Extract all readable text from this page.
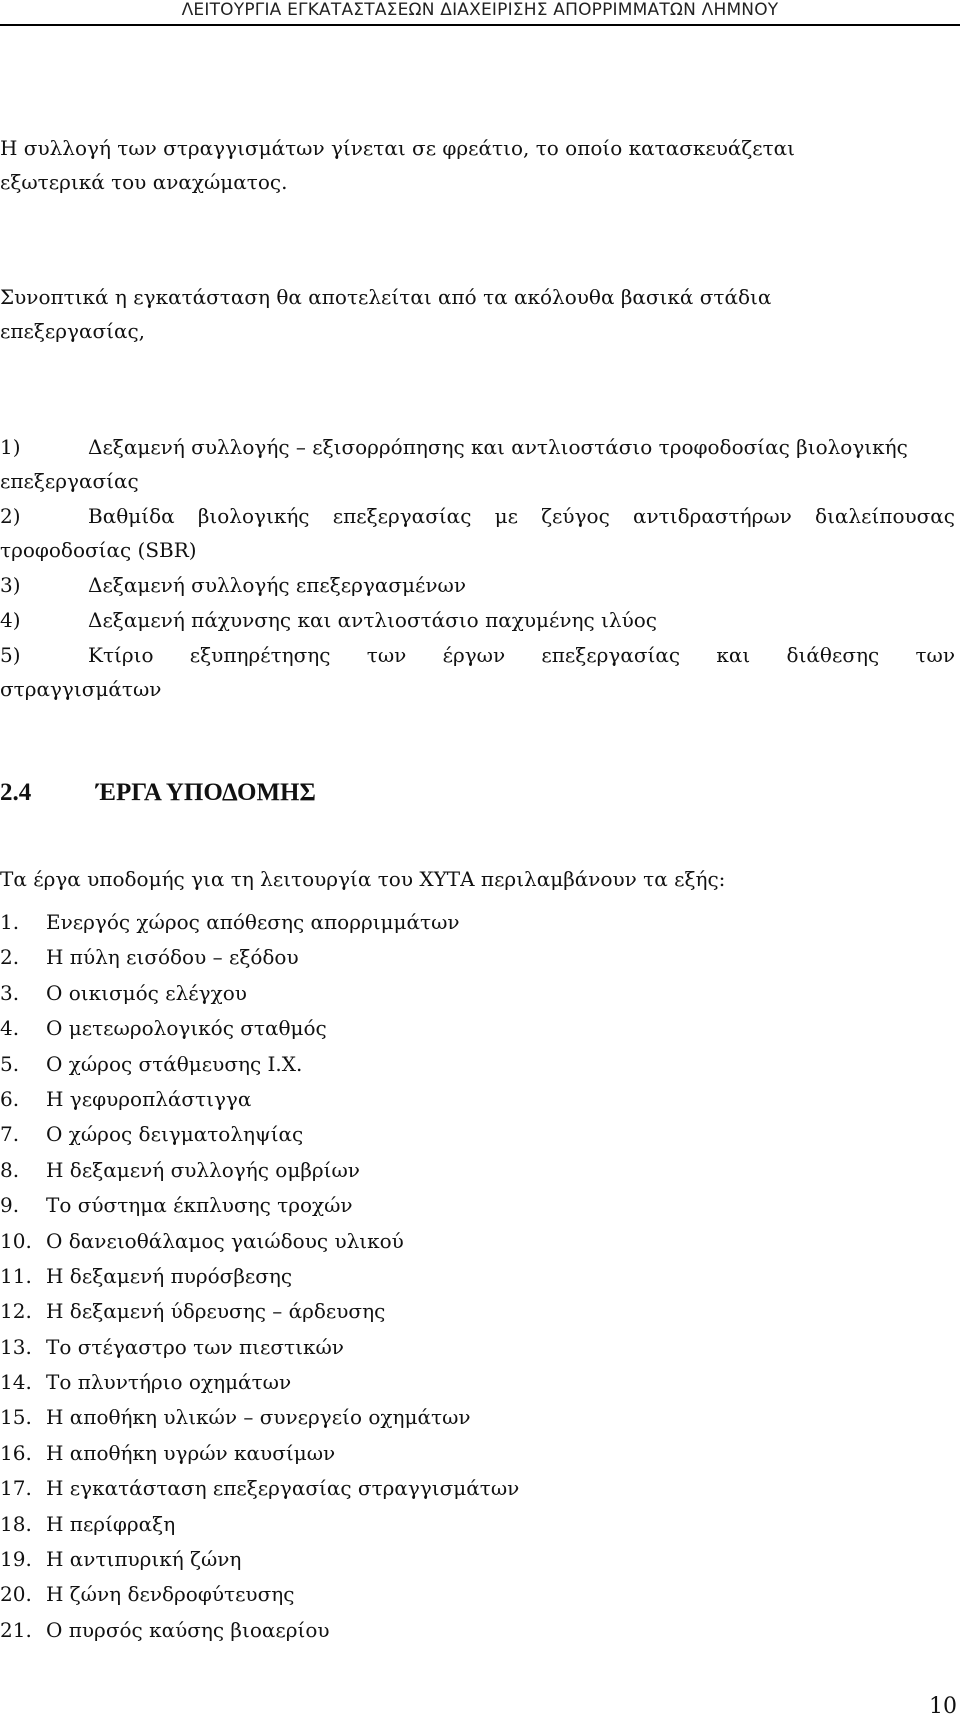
ΛΕΙΤΟΥΡΓΙΑ ΕΓΚΑΤΑΣΤΑΣΕΩΝ ΔΙΑΧΕΙΡΙΣΗΣ ΑΠΟΡΡΙΜΜΑΤΩΝ ΛΗΜΝΟΥ

Η συλλογή των στραγγισμάτων γίνεται σε φρεάτιο, το οποίο κατασκευάζεται

εξωτερικά του αναχώματος.

Συνοπτικά η εγκατάσταση θα αποτελείται από τα ακόλουθα βασικά στάδια

επεξεργασίας,

1)	Δεξαμενή συλλογής – εξισορρόπησης και αντλιοστάσιο τροφοδοσίας βιολογικής
επεξεργασίας
2)	Βαθμίδα βιολογικής επεξεργασίας με ζεύγος αντιδραστήρων διαλείπουσας
τροφοδοσίας (SBR)
3)	Δεξαμενή συλλογής επεξεργασμένων
4)	Δεξαμενή πάχυνσης και αντλιοστάσιο παχυμένης ιλύος
5)	Κτίριο εξυπηρέτησης των έργων επεξεργασίας και διάθεσης των
στραγγισμάτων
2.4	ΈΡΓΑ ΥΠΟΔΟΜΗΣ

Τα έργα υποδομής για τη λειτουργία του ΧΥΤΑ περιλαμβάνουν τα εξής:

1. Ενεργός χώρος απόθεσης απορριμμάτων
2. Η πύλη εισόδου – εξόδου
3. Ο οικισμός ελέγχου
4. Ο μετεωρολογικός σταθμός
5. Ο χώρος στάθμευσης Ι.Χ.
6. Η γεφυροπλάστιγγα
7. Ο χώρος δειγματοληψίας
8. Η δεξαμενή συλλογής ομβρίων
9. Το σύστημα έκπλυσης τροχών
10. Ο δανειοθάλαμος γαιώδους υλικού
11. Η δεξαμενή πυρόσβεσης
12. Η δεξαμενή ύδρευσης – άρδευσης
13. Το στέγαστρο των πιεστικών
14. Το πλυντήριο οχημάτων
15. Η αποθήκη υλικών – συνεργείο οχημάτων
16. Η αποθήκη υγρών καυσίμων
17. Η εγκατάσταση επεξεργασίας στραγγισμάτων
18. Η περίφραξη
19. Η αντιπυρική ζώνη
20. Η ζώνη δενδροφύτευσης
21. Ο πυρσός καύσης βιοαερίου
10
